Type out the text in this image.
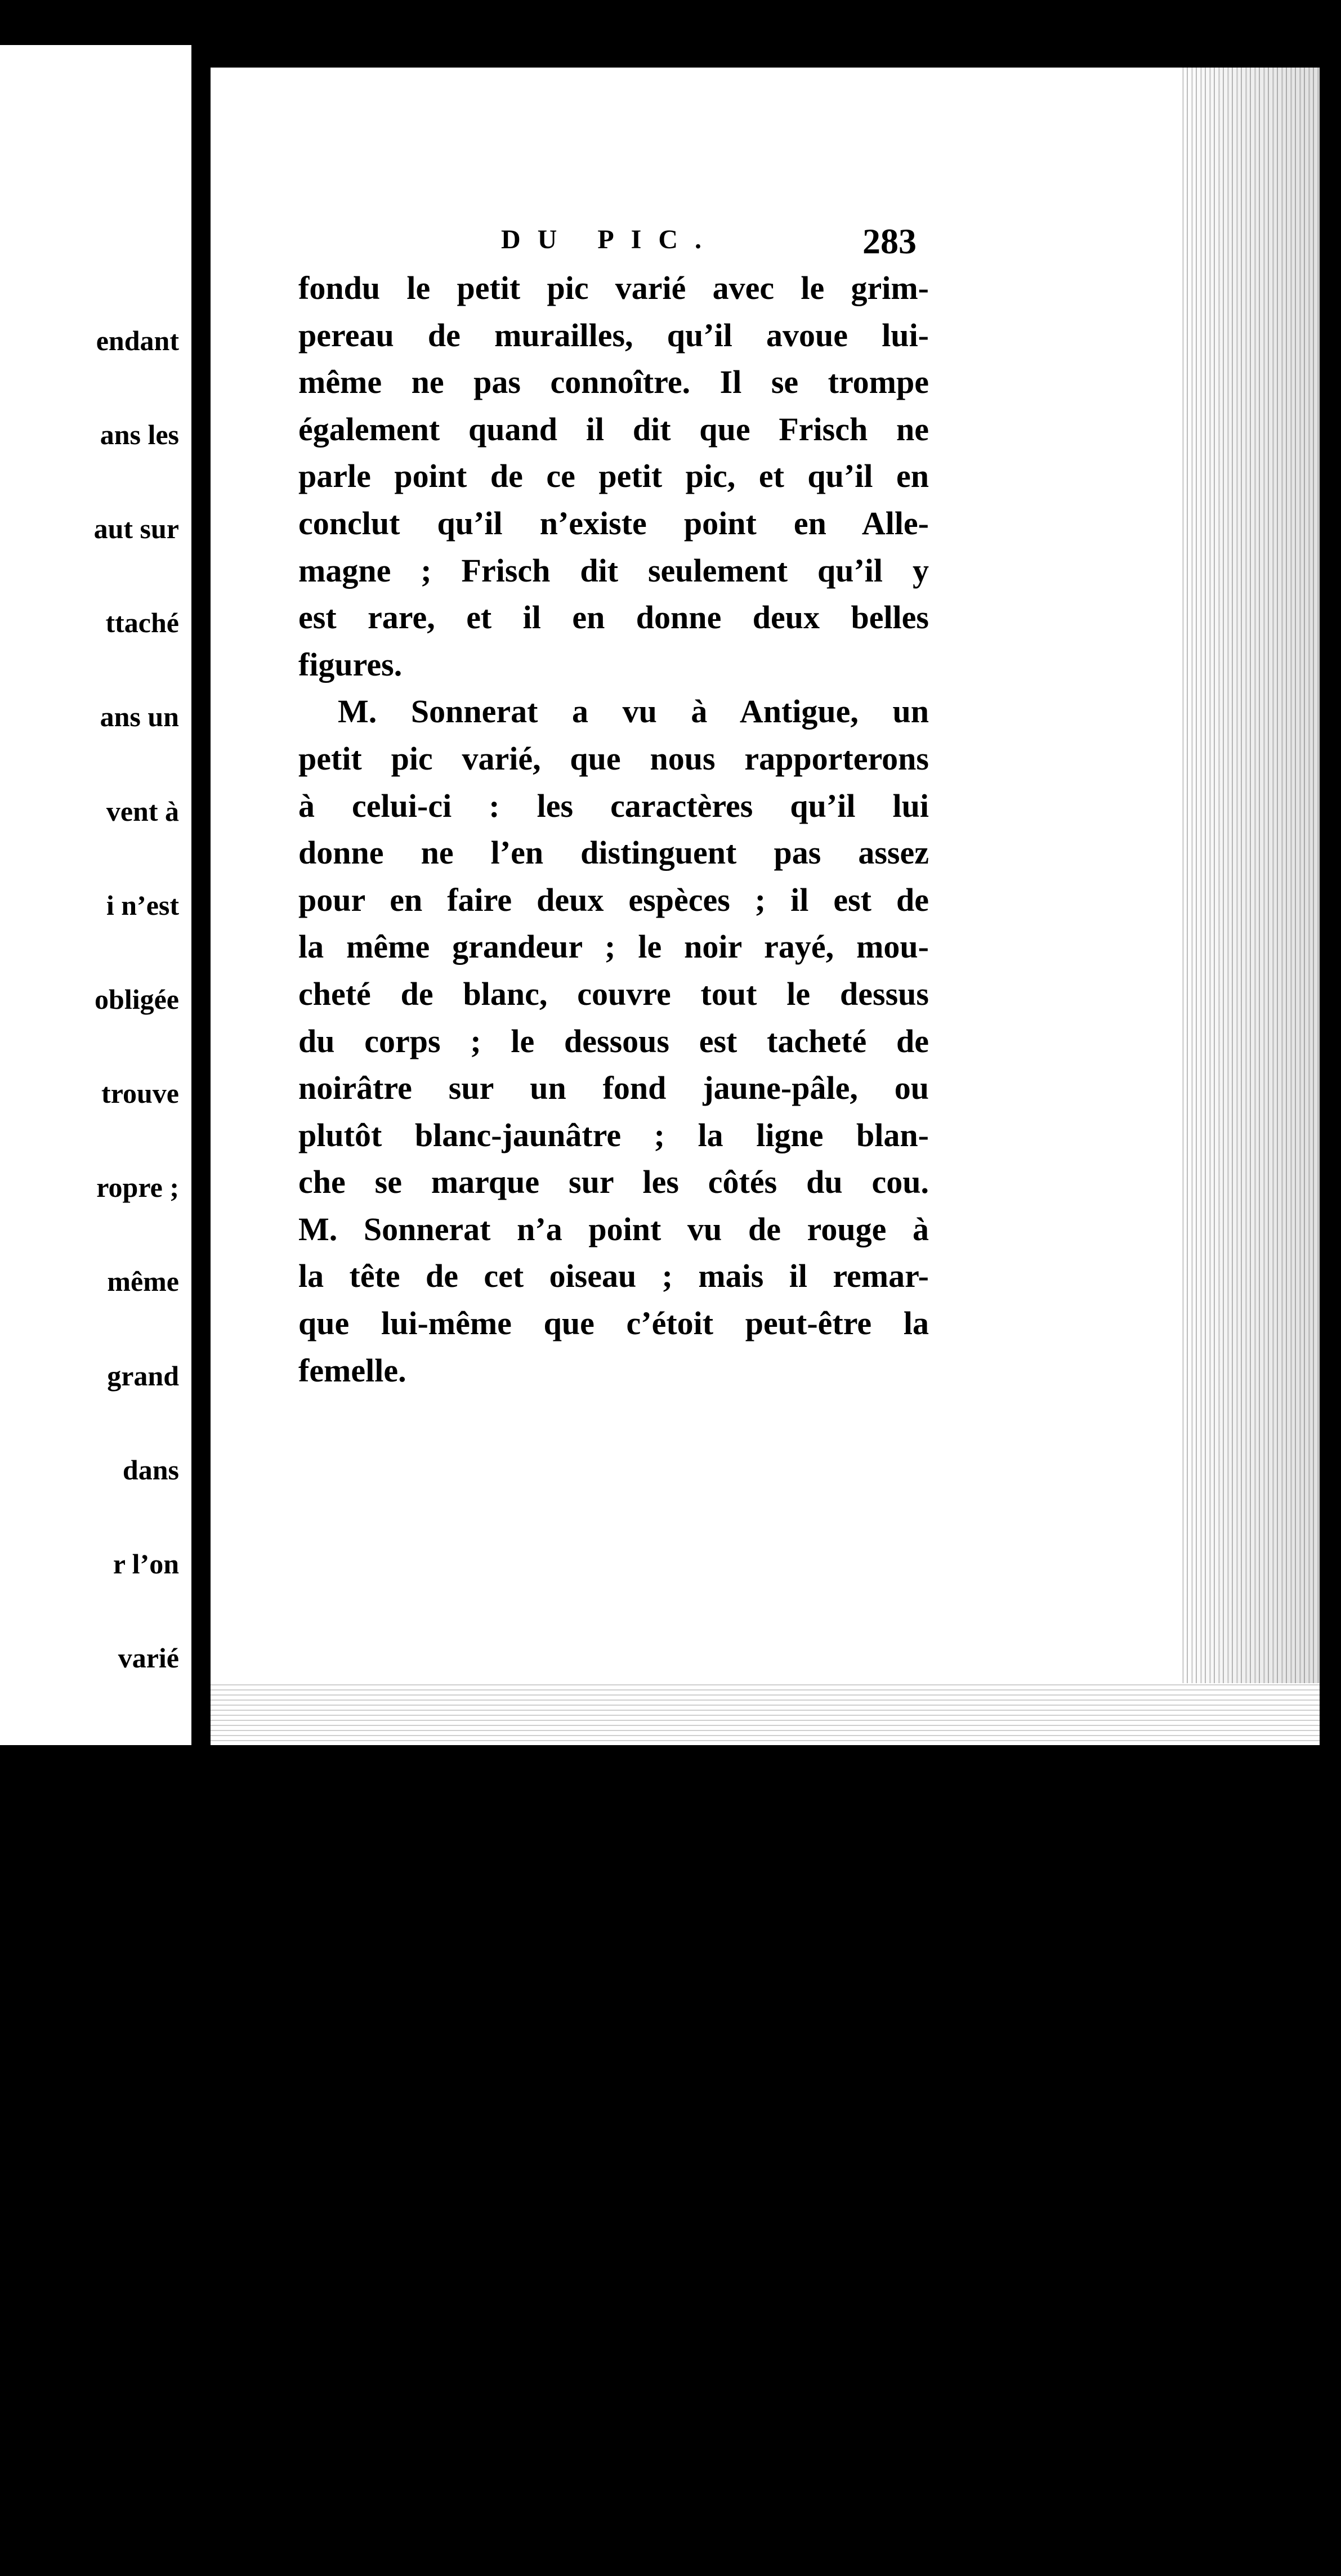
endant

ans les

aut sur

ttaché

ans un

vent à

i n’est

obligée

trouve

ropre ;

même

grand

dans

r l’on

varié

ut , et

a tête,

nada,

bordée

n’est

on le

ovin-

a con-

DU PIC.	283
fondu le petit pic varié avec le grim-
pereau de murailles, qu’il avoue lui-
même ne pas connoître. Il se trompe
également quand il dit que Frisch ne
parle point de ce petit pic, et qu’il en
conclut qu’il n’existe point en Alle-
magne ; Frisch dit seulement qu’il y
est rare, et il en donne deux belles
figures.
M. Sonnerat a vu à Antigue, un
petit pic varié, que nous rapporterons
à celui-ci : les caractères qu’il lui
donne ne l’en distinguent pas assez
pour en faire deux espèces ; il est de
la même grandeur ; le noir rayé, mou-
cheté de blanc, couvre tout le dessus
du corps ; le dessous est tacheté de
noirâtre sur un fond jaune-pâle, ou
plutôt blanc-jaunâtre ; la ligne blan-
che se marque sur les côtés du cou.
M. Sonnerat n’a point vu de rouge à
la tête de cet oiseau ; mais il remar-
que lui-même que c’étoit peut-être la
femelle.
